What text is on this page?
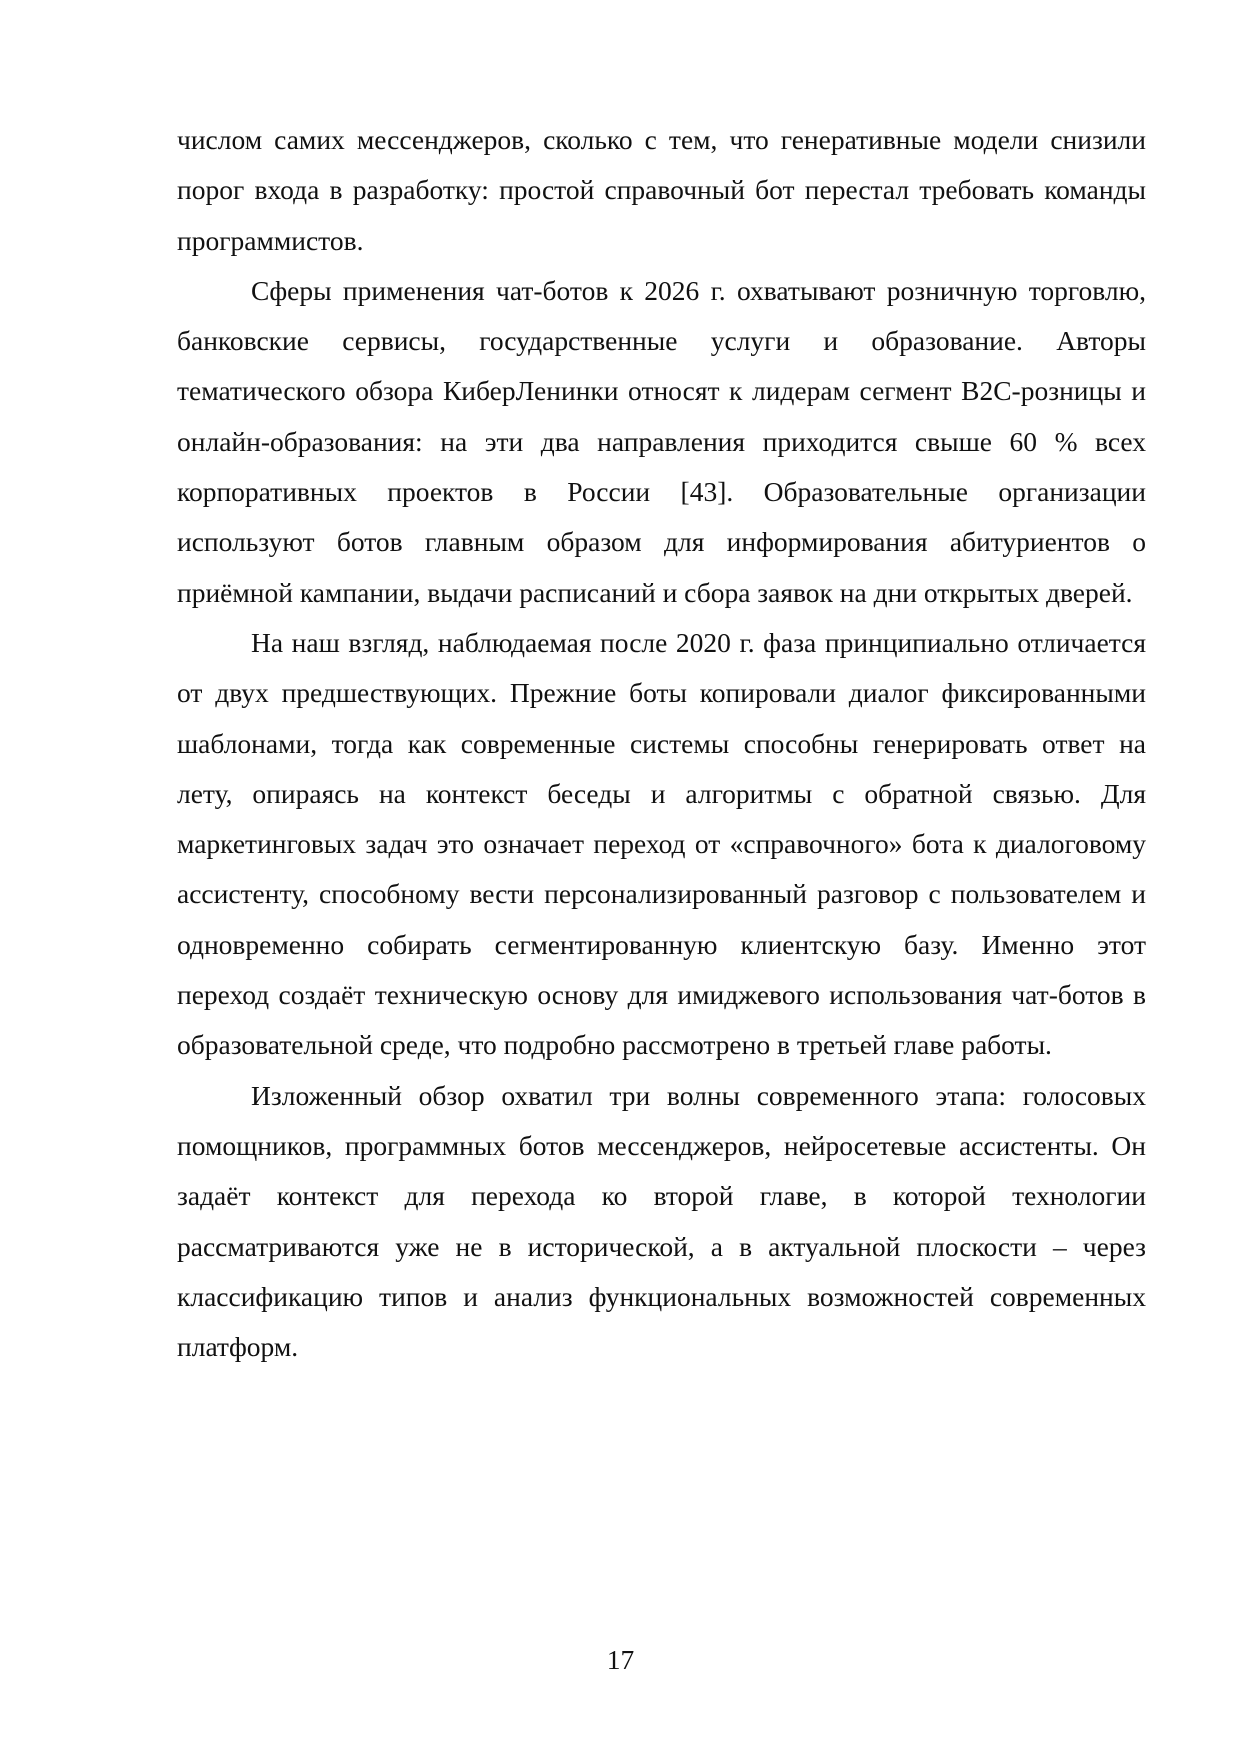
числом самих мессенджеров, сколько с тем, что генеративные модели снизили порог входа в разработку: простой справочный бот перестал требовать команды программистов.

Сферы применения чат-ботов к 2026 г. охватывают розничную торговлю, банковские сервисы, государственные услуги и образование. Авторы тематического обзора КиберЛенинки относят к лидерам сегмент B2C-розницы и онлайн-образования: на эти два направления приходится свыше 60 % всех корпоративных проектов в России [43]. Образовательные организации используют ботов главным образом для информирования абитуриентов о приёмной кампании, выдачи расписаний и сбора заявок на дни открытых дверей.

На наш взгляд, наблюдаемая после 2020 г. фаза принципиально отличается от двух предшествующих. Прежние боты копировали диалог фиксированными шаблонами, тогда как современные системы способны генерировать ответ на лету, опираясь на контекст беседы и алгоритмы с обратной связью. Для маркетинговых задач это означает переход от «справочного» бота к диалоговому ассистенту, способному вести персонализированный разговор с пользователем и одновременно собирать сегментированную клиентскую базу. Именно этот переход создаёт техническую основу для имиджевого использования чат-ботов в образовательной среде, что подробно рассмотрено в третьей главе работы.

Изложенный обзор охватил три волны современного этапа: голосовых помощников, программных ботов мессенджеров, нейросетевые ассистенты. Он задаёт контекст для перехода ко второй главе, в которой технологии рассматриваются уже не в исторической, а в актуальной плоскости – через классификацию типов и анализ функциональных возможностей современных платформ.

17
